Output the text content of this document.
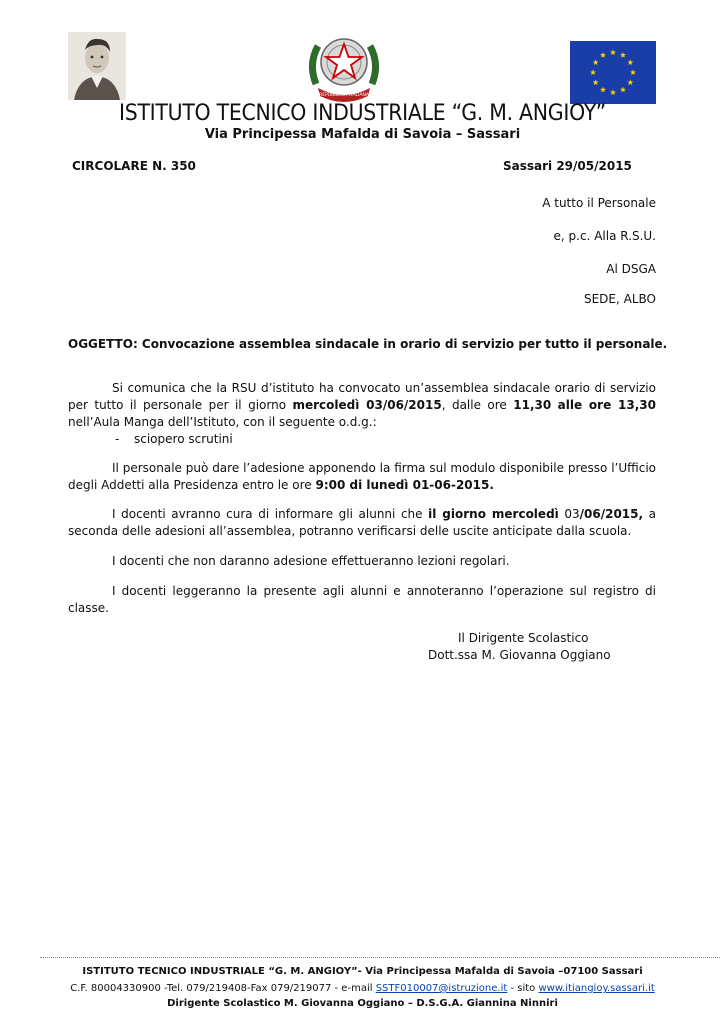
REPUBBLICA ITALIANA
ISTITUTO TECNICO INDUSTRIALE “G. M. ANGIOY”
Via Principessa Mafalda di Savoia – Sassari
CIRCOLARE N. 350	Sassari 29/05/2015
A tutto il Personale
e, p.c. Alla R.S.U.
Al DSGA
SEDE, ALBO
OGGETTO: Convocazione assemblea sindacale in orario di servizio per tutto il personale.
Si comunica che la RSU d’istituto ha convocato un’assemblea sindacale orario di servizio per tutto il personale per il giorno mercoledì 03/06/2015, dalle ore 11,30 alle ore 13,30 nell’Aula Manga dell’Istituto, con il seguente o.d.g.:
- sciopero scrutini
Il personale può dare l’adesione apponendo la firma sul modulo disponibile presso l’Ufficio degli Addetti alla Presidenza entro le ore 9:00 di lunedì 01-06-2015.
I docenti avranno cura di informare gli alunni che il giorno mercoledì 03/06/2015, a seconda delle adesioni all’assemblea, potranno verificarsi delle uscite anticipate dalla scuola.
I docenti che non daranno adesione effettueranno lezioni regolari.
I docenti leggeranno la presente agli alunni e annoteranno l’operazione sul registro di classe.
Il Dirigente Scolastico
Dott.ssa M. Giovanna Oggiano
ISTITUTO TECNICO INDUSTRIALE “G. M. ANGIOY”- Via Principessa Mafalda di Savoia –07100 Sassari
C.F. 80004330900 -Tel. 079/219408-Fax 079/219077 - e-mail SSTF010007@istruzione.it - sito www.itiangioy.sassari.it
Dirigente Scolastico M. Giovanna Oggiano – D.S.G.A. Giannina Ninniri
